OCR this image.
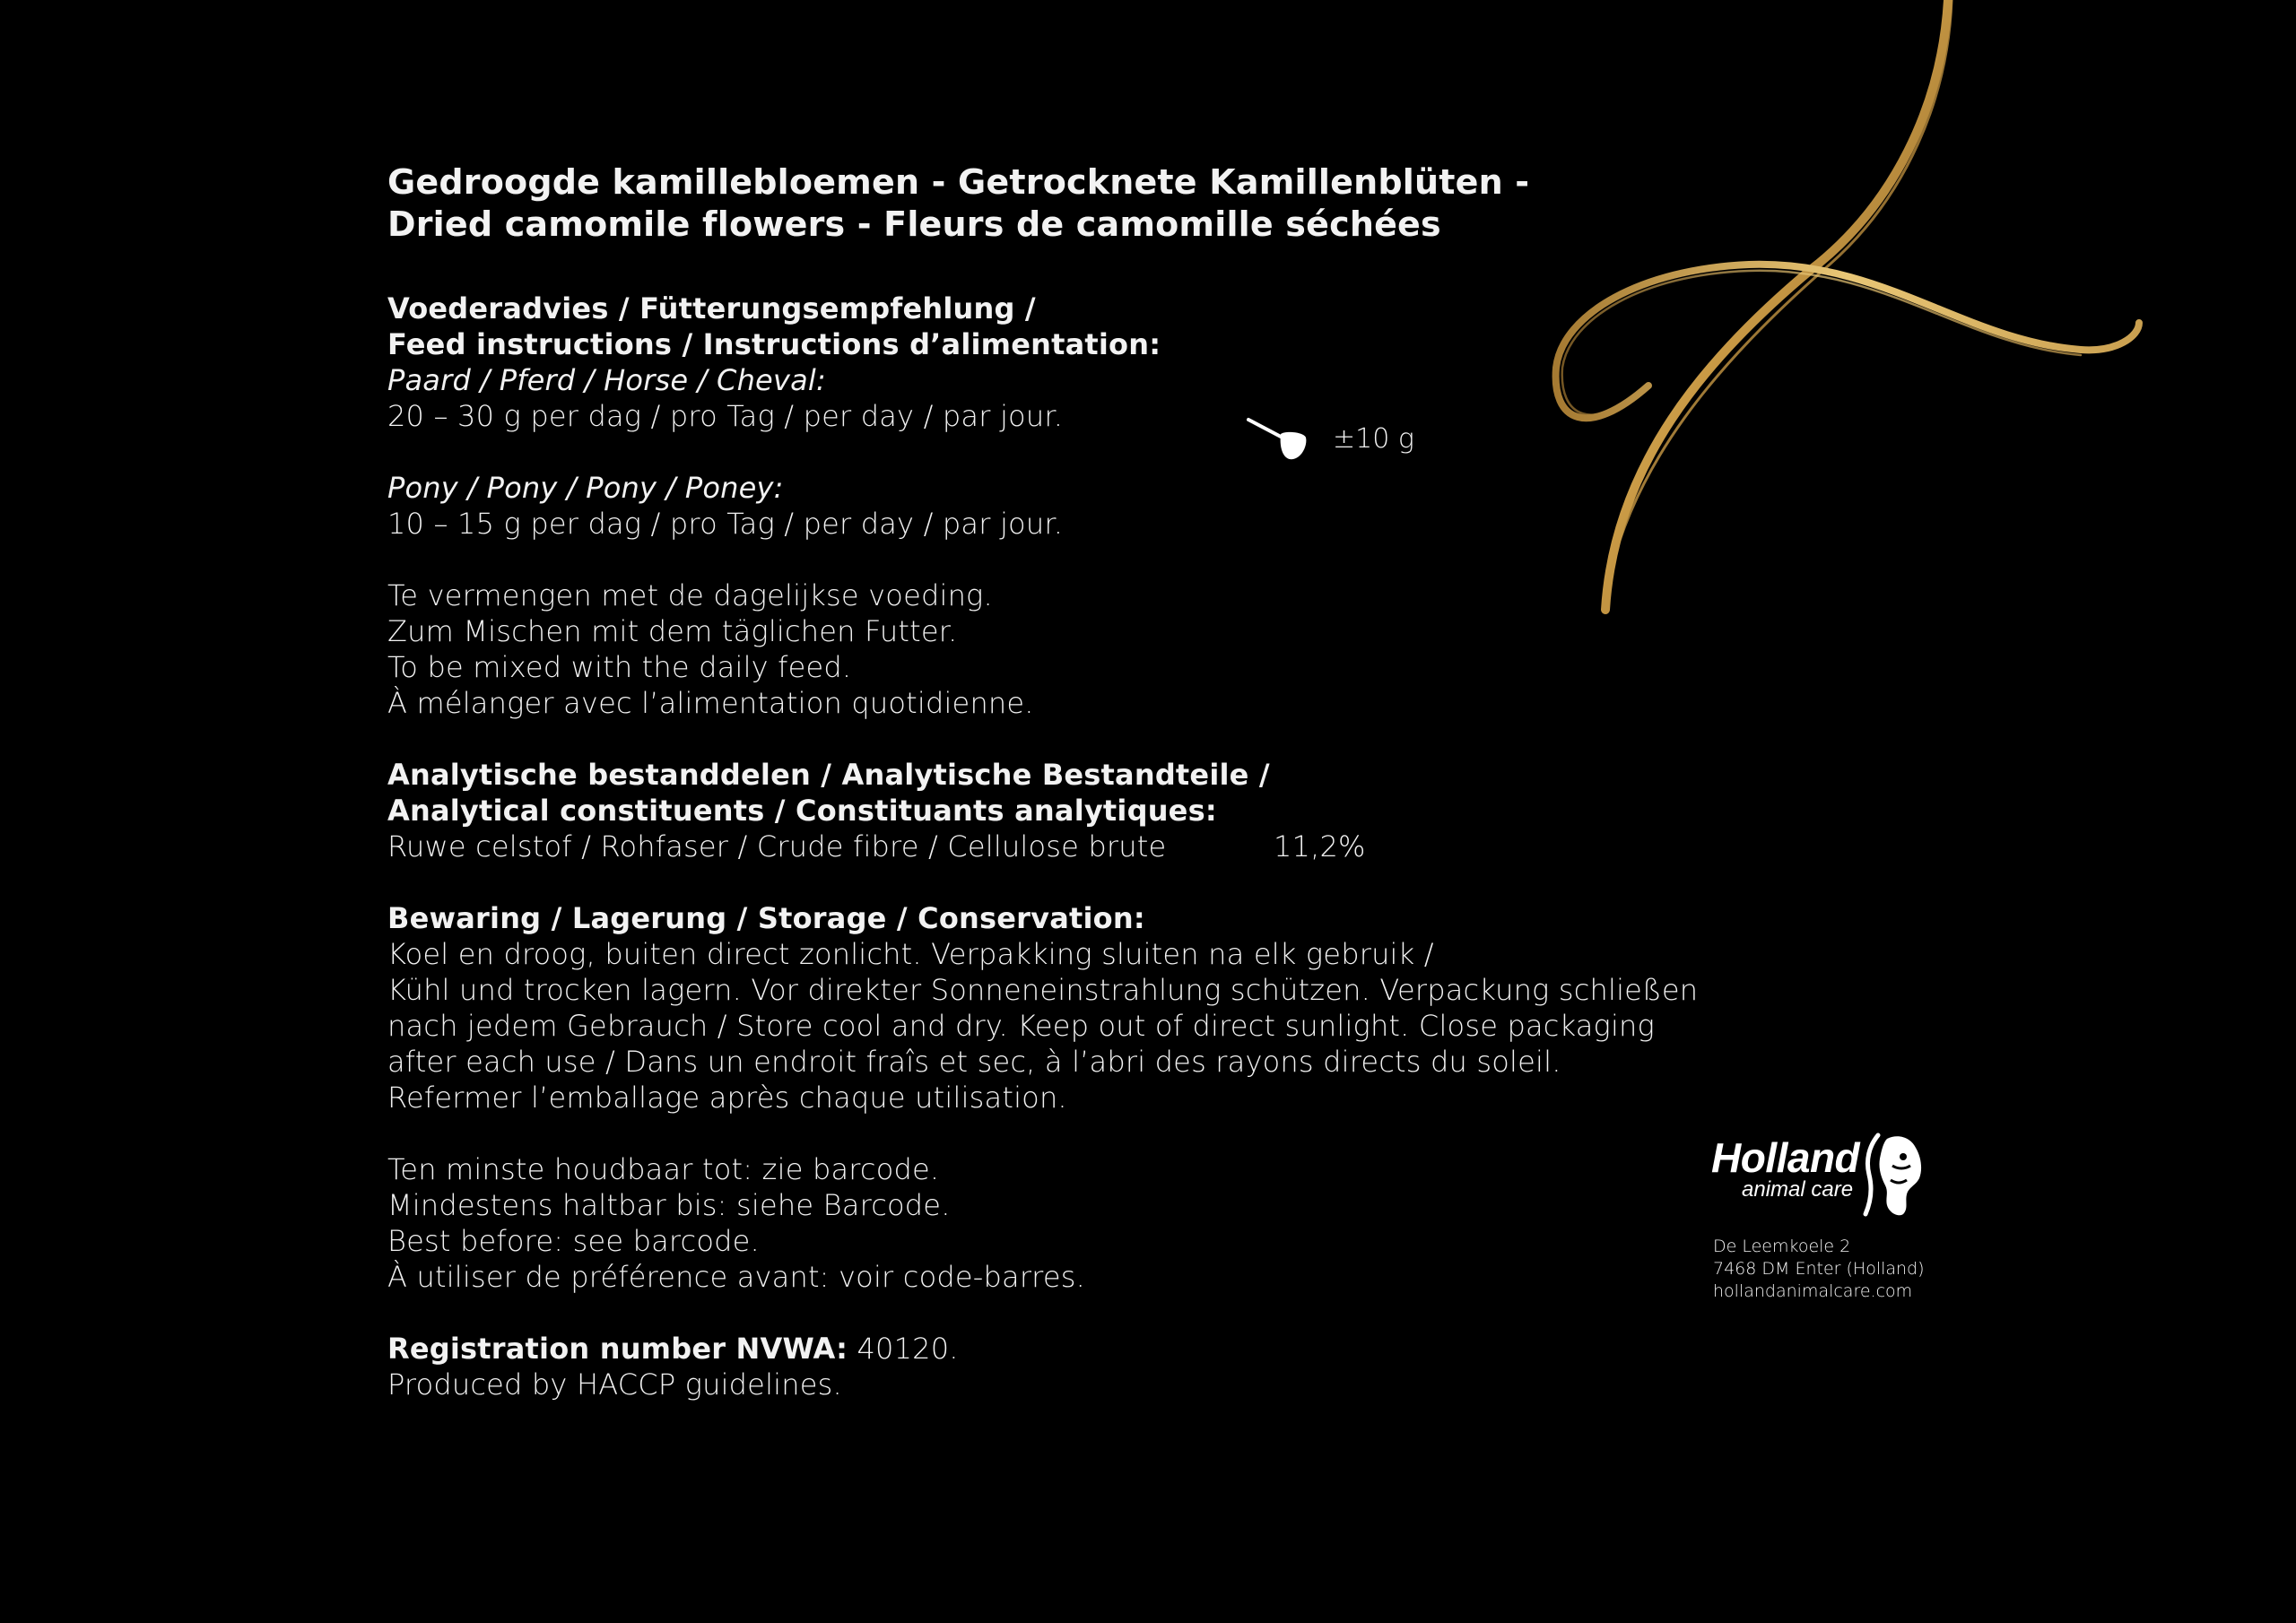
Gedroogde kamillebloemen - Getrocknete Kamillenblüten -
Dried camomile flowers - Fleurs de camomille séchées
Voederadvies / Fütterungsempfehlung /
Feed instructions / Instructions d’alimentation:
Paard / Pferd / Horse / Cheval:
20 – 30 g per dag / pro Tag / per day / par jour.
Pony / Pony / Pony / Poney:
10 – 15 g per dag / pro Tag / per day / par jour.
Te vermengen met de dagelijkse voeding.
Zum Mischen mit dem täglichen Futter.
To be mixed with the daily feed.
À mélanger avec l’alimentation quotidienne.
Analytische bestanddelen / Analytische Bestandteile /
Analytical constituents / Constituants analytiques:
Ruwe celstof / Rohfaser / Crude fibre / Cellulose brute	11,2%
Bewaring / Lagerung / Storage / Conservation:
Koel en droog, buiten direct zonlicht. Verpakking sluiten na elk gebruik /
Kühl und trocken lagern. Vor direkter Sonneneinstrahlung schützen. Verpackung schließen
nach jedem Gebrauch / Store cool and dry. Keep out of direct sunlight. Close packaging
after each use / Dans un endroit fraîs et sec, à l’abri des rayons directs du soleil.
Refermer l’emballage après chaque utilisation.
Ten minste houdbaar tot: zie barcode.
Mindestens haltbar bis: siehe Barcode.
Best before: see barcode.
À utiliser de préférence avant: voir code-barres.
Registration number NVWA: 40120.
Produced by HACCP guidelines.
±10 g
Holland
animal care
De Leemkoele 2
7468 DM Enter (Holland)
hollandanimalcare.com
